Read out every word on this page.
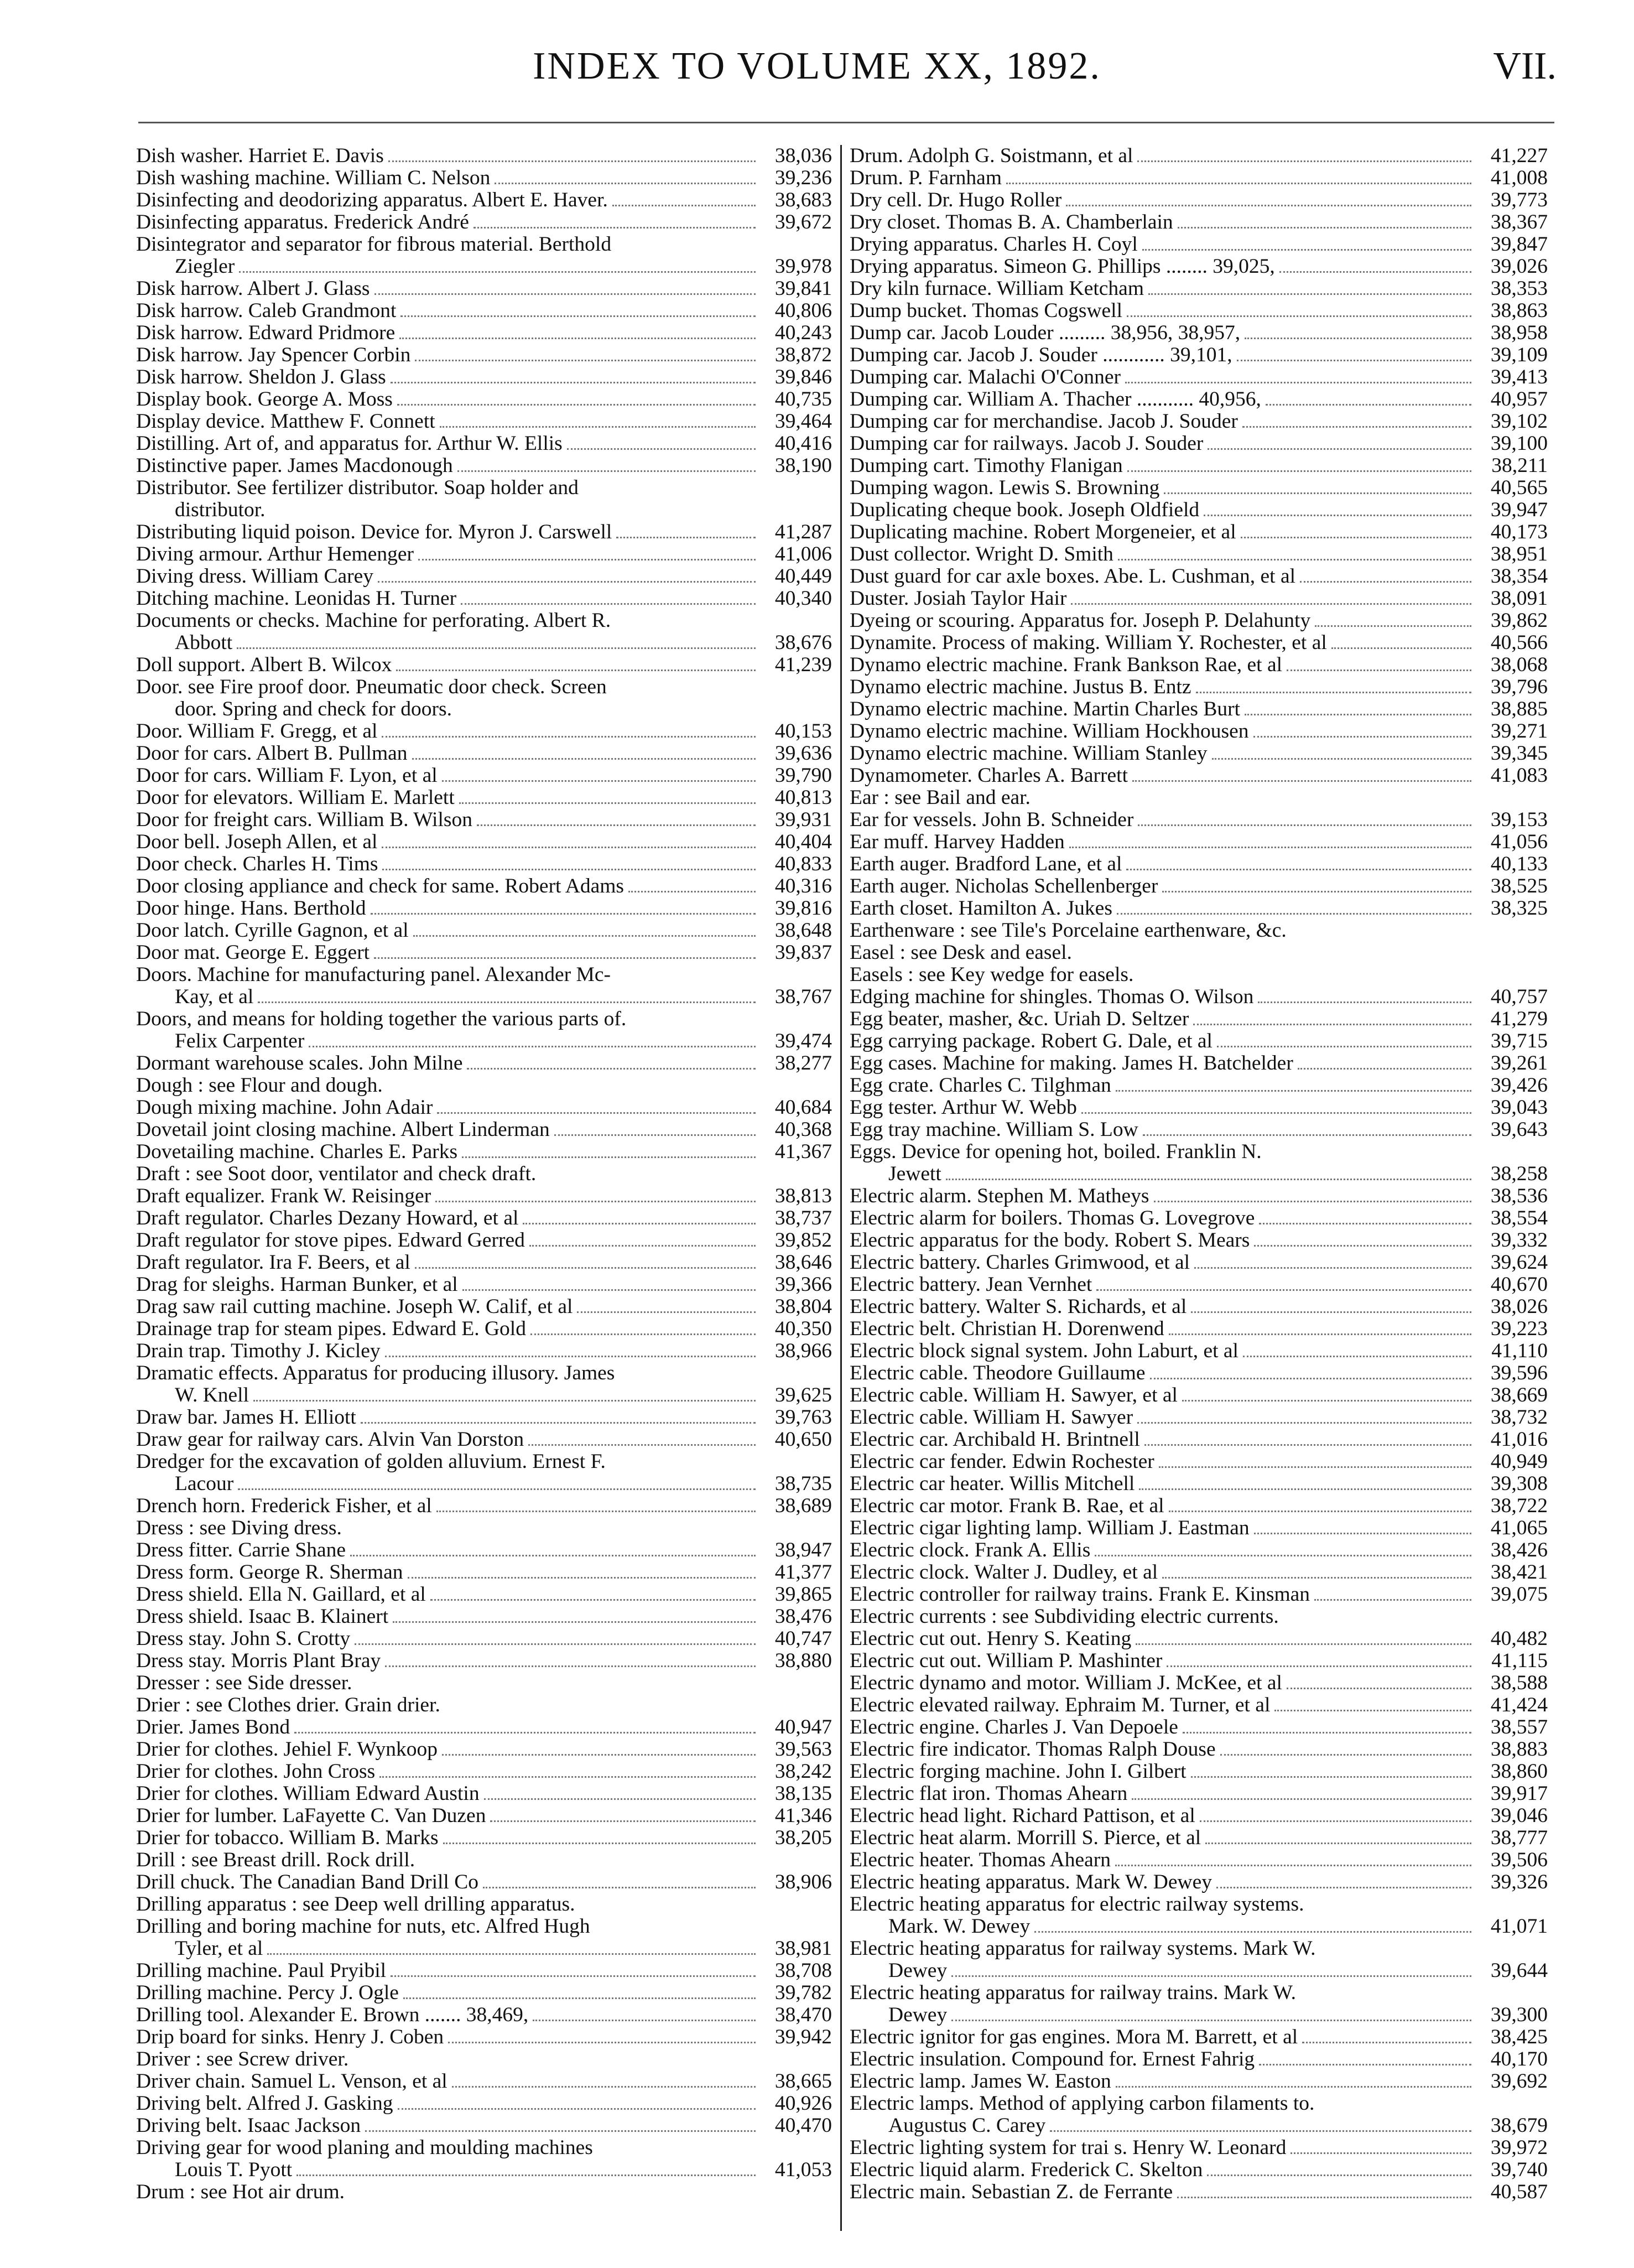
INDEX TO VOLUME XX, 1892.	VII.
Dish washer. Harriet E. Davis	38,036
Dish washing machine. William C. Nelson	39,236
Disinfecting and deodorizing apparatus. Albert E. Haver.	38,683
Disinfecting apparatus. Frederick André	39,672
Disintegrator and separator for fibrous material. Berthold
Ziegler	39,978
Disk harrow. Albert J. Glass	39,841
Disk harrow. Caleb Grandmont	40,806
Disk harrow. Edward Pridmore	40,243
Disk harrow. Jay Spencer Corbin	38,872
Disk harrow. Sheldon J. Glass	39,846
Display book. George A. Moss	40,735
Display device. Matthew F. Connett	39,464
Distilling. Art of, and apparatus for. Arthur W. Ellis	40,416
Distinctive paper. James Macdonough	38,190
Distributor. See fertilizer distributor. Soap holder and
distributor.
Distributing liquid poison. Device for. Myron J. Carswell	41,287
Diving armour. Arthur Hemenger	41,006
Diving dress. William Carey	40,449
Ditching machine. Leonidas H. Turner	40,340
Documents or checks. Machine for perforating. Albert R.
Abbott	38,676
Doll support. Albert B. Wilcox	41,239
Door. see Fire proof door. Pneumatic door check. Screen
door. Spring and check for doors.
Door. William F. Gregg, et al	40,153
Door for cars. Albert B. Pullman	39,636
Door for cars. William F. Lyon, et al	39,790
Door for elevators. William E. Marlett	40,813
Door for freight cars. William B. Wilson	39,931
Door bell. Joseph Allen, et al	40,404
Door check. Charles H. Tims	40,833
Door closing appliance and check for same. Robert Adams	40,316
Door hinge. Hans. Berthold	39,816
Door latch. Cyrille Gagnon, et al	38,648
Door mat. George E. Eggert	39,837
Doors. Machine for manufacturing panel. Alexander Mc-
Kay, et al	38,767
Doors, and means for holding together the various parts of.
Felix Carpenter	39,474
Dormant warehouse scales. John Milne	38,277
Dough : see Flour and dough.
Dough mixing machine. John Adair	40,684
Dovetail joint closing machine. Albert Linderman	40,368
Dovetailing machine. Charles E. Parks	41,367
Draft : see Soot door, ventilator and check draft.
Draft equalizer. Frank W. Reisinger	38,813
Draft regulator. Charles Dezany Howard, et al	38,737
Draft regulator for stove pipes. Edward Gerred	39,852
Draft regulator. Ira F. Beers, et al	38,646
Drag for sleighs. Harman Bunker, et al	39,366
Drag saw rail cutting machine. Joseph W. Calif, et al	38,804
Drainage trap for steam pipes. Edward E. Gold	40,350
Drain trap. Timothy J. Kicley	38,966
Dramatic effects. Apparatus for producing illusory. James
W. Knell	39,625
Draw bar. James H. Elliott	39,763
Draw gear for railway cars. Alvin Van Dorston	40,650
Dredger for the excavation of golden alluvium. Ernest F.
Lacour	38,735
Drench horn. Frederick Fisher, et al	38,689
Dress : see Diving dress.
Dress fitter. Carrie Shane	38,947
Dress form. George R. Sherman	41,377
Dress shield. Ella N. Gaillard, et al	39,865
Dress shield. Isaac B. Klainert	38,476
Dress stay. John S. Crotty	40,747
Dress stay. Morris Plant Bray	38,880
Dresser : see Side dresser.
Drier : see Clothes drier. Grain drier.
Drier. James Bond	40,947
Drier for clothes. Jehiel F. Wynkoop	39,563
Drier for clothes. John Cross	38,242
Drier for clothes. William Edward Austin	38,135
Drier for lumber. LaFayette C. Van Duzen	41,346
Drier for tobacco. William B. Marks	38,205
Drill : see Breast drill. Rock drill.
Drill chuck. The Canadian Band Drill Co	38,906
Drilling apparatus : see Deep well drilling apparatus.
Drilling and boring machine for nuts, etc. Alfred Hugh
Tyler, et al	38,981
Drilling machine. Paul Pryibil	38,708
Drilling machine. Percy J. Ogle	39,782
Drilling tool. Alexander E. Brown ....... 38,469,	38,470
Drip board for sinks. Henry J. Coben	39,942
Driver : see Screw driver.
Driver chain. Samuel L. Venson, et al	38,665
Driving belt. Alfred J. Gasking	40,926
Driving belt. Isaac Jackson	40,470
Driving gear for wood planing and moulding machines
Louis T. Pyott	41,053
Drum : see Hot air drum.
Drum. Adolph G. Soistmann, et al	41,227
Drum. P. Farnham	41,008
Dry cell. Dr. Hugo Roller	39,773
Dry closet. Thomas B. A. Chamberlain	38,367
Drying apparatus. Charles H. Coyl	39,847
Drying apparatus. Simeon G. Phillips ........ 39,025,	39,026
Dry kiln furnace. William Ketcham	38,353
Dump bucket. Thomas Cogswell	38,863
Dump car. Jacob Louder ......... 38,956, 38,957,	38,958
Dumping car. Jacob J. Souder ............ 39,101,	39,109
Dumping car. Malachi O'Conner	39,413
Dumping car. William A. Thacher ........... 40,956,	40,957
Dumping car for merchandise. Jacob J. Souder	39,102
Dumping car for railways. Jacob J. Souder	39,100
Dumping cart. Timothy Flanigan	38,211
Dumping wagon. Lewis S. Browning	40,565
Duplicating cheque book. Joseph Oldfield	39,947
Duplicating machine. Robert Morgeneier, et al	40,173
Dust collector. Wright D. Smith	38,951
Dust guard for car axle boxes. Abe. L. Cushman, et al	38,354
Duster. Josiah Taylor Hair	38,091
Dyeing or scouring. Apparatus for. Joseph P. Delahunty	39,862
Dynamite. Process of making. William Y. Rochester, et al	40,566
Dynamo electric machine. Frank Bankson Rae, et al	38,068
Dynamo electric machine. Justus B. Entz	39,796
Dynamo electric machine. Martin Charles Burt	38,885
Dynamo electric machine. William Hockhousen	39,271
Dynamo electric machine. William Stanley	39,345
Dynamometer. Charles A. Barrett	41,083
Ear : see Bail and ear.
Ear for vessels. John B. Schneider	39,153
Ear muff. Harvey Hadden	41,056
Earth auger. Bradford Lane, et al	40,133
Earth auger. Nicholas Schellenberger	38,525
Earth closet. Hamilton A. Jukes	38,325
Earthenware : see Tile's Porcelaine earthenware, &c.
Easel : see Desk and easel.
Easels : see Key wedge for easels.
Edging machine for shingles. Thomas O. Wilson	40,757
Egg beater, masher, &c. Uriah D. Seltzer	41,279
Egg carrying package. Robert G. Dale, et al	39,715
Egg cases. Machine for making. James H. Batchelder	39,261
Egg crate. Charles C. Tilghman	39,426
Egg tester. Arthur W. Webb	39,043
Egg tray machine. William S. Low	39,643
Eggs. Device for opening hot, boiled. Franklin N.
Jewett	38,258
Electric alarm. Stephen M. Matheys	38,536
Electric alarm for boilers. Thomas G. Lovegrove	38,554
Electric apparatus for the body. Robert S. Mears	39,332
Electric battery. Charles Grimwood, et al	39,624
Electric battery. Jean Vernhet	40,670
Electric battery. Walter S. Richards, et al	38,026
Electric belt. Christian H. Dorenwend	39,223
Electric block signal system. John Laburt, et al	41,110
Electric cable. Theodore Guillaume	39,596
Electric cable. William H. Sawyer, et al	38,669
Electric cable. William H. Sawyer	38,732
Electric car. Archibald H. Brintnell	41,016
Electric car fender. Edwin Rochester	40,949
Electric car heater. Willis Mitchell	39,308
Electric car motor. Frank B. Rae, et al	38,722
Electric cigar lighting lamp. William J. Eastman	41,065
Electric clock. Frank A. Ellis	38,426
Electric clock. Walter J. Dudley, et al	38,421
Electric controller for railway trains. Frank E. Kinsman	39,075
Electric currents : see Subdividing electric currents.
Electric cut out. Henry S. Keating	40,482
Electric cut out. William P. Mashinter	41,115
Electric dynamo and motor. William J. McKee, et al	38,588
Electric elevated railway. Ephraim M. Turner, et al	41,424
Electric engine. Charles J. Van Depoele	38,557
Electric fire indicator. Thomas Ralph Douse	38,883
Electric forging machine. John I. Gilbert	38,860
Electric flat iron. Thomas Ahearn	39,917
Electric head light. Richard Pattison, et al	39,046
Electric heat alarm. Morrill S. Pierce, et al	38,777
Electric heater. Thomas Ahearn	39,506
Electric heating apparatus. Mark W. Dewey	39,326
Electric heating apparatus for electric railway systems.
Mark. W. Dewey	41,071
Electric heating apparatus for railway systems. Mark W.
Dewey	39,644
Electric heating apparatus for railway trains. Mark W.
Dewey	39,300
Electric ignitor for gas engines. Mora M. Barrett, et al	38,425
Electric insulation. Compound for. Ernest Fahrig	40,170
Electric lamp. James W. Easton	39,692
Electric lamps. Method of applying carbon filaments to.
Augustus C. Carey	38,679
Electric lighting system for trai s. Henry W. Leonard	39,972
Electric liquid alarm. Frederick C. Skelton	39,740
Electric main. Sebastian Z. de Ferrante	40,587
